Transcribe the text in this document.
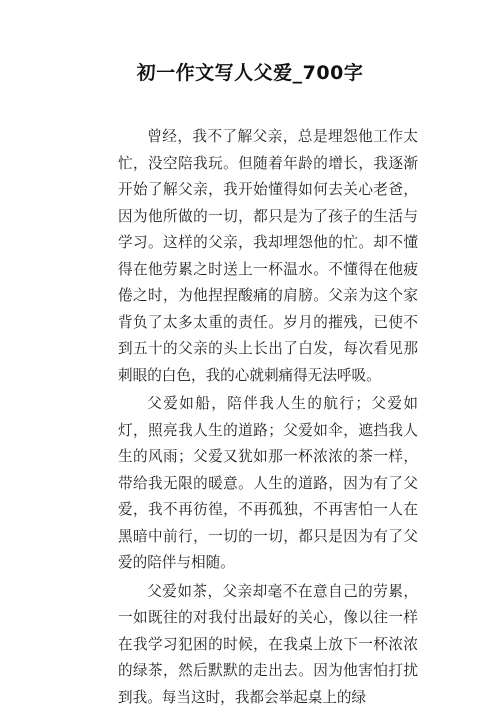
初一作文写人父爱_700字

曾经，我不了解父亲，总是埋怨他工作太忙，没空陪我玩。但随着年龄的增长，我逐渐开始了解父亲，我开始懂得如何去关心老爸，因为他所做的一切，都只是为了孩子的生活与学习。这样的父亲，我却埋怨他的忙。却不懂得在他劳累之时送上一杯温水。不懂得在他疲倦之时，为他捏捏酸痛的肩膀。父亲为这个家背负了太多太重的责任。岁月的摧残，已使不到五十的父亲的头上长出了白发，每次看见那刺眼的白色，我的心就刺痛得无法呼吸。

父爱如船，陪伴我人生的航行；父爱如灯，照亮我人生的道路；父爱如伞，遮挡我人生的风雨；父爱又犹如那一杯浓浓的茶一样，带给我无限的暖意。人生的道路，因为有了父爱，我不再彷徨，不再孤独，不再害怕一人在黑暗中前行，一切的一切，都只是因为有了父爱的陪伴与相随。

父爱如茶，父亲却毫不在意自己的劳累，一如既往的对我付出最好的关心，像以往一样在我学习犯困的时候，在我桌上放下一杯浓浓的绿茶，然后默默的走出去。因为他害怕打扰到我。每当这时，我都会举起桌上的绿
